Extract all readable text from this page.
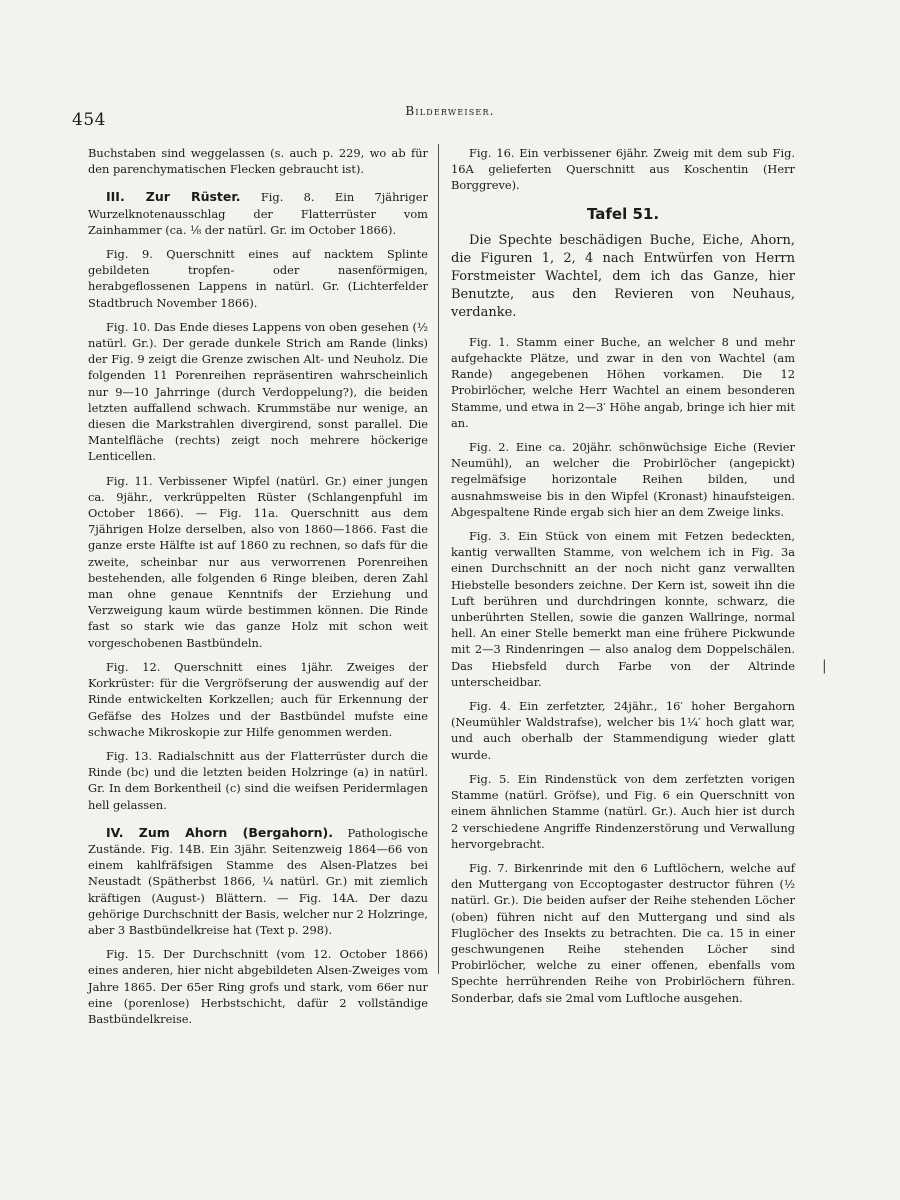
454	Bilderweiser.

Buchstaben sind weggelassen (s. auch p. 229, wo ab für den parenchymatischen Flecken gebraucht ist).

III. Zur Rüster. Fig. 8. Ein 7jähriger Wurzelknotenausschlag der Flatterrüster vom Zainhammer (ca. ⅛ der natürl. Gr. im October 1866).

Fig. 9. Querschnitt eines auf nacktem Splinte gebildeten tropfen- oder nasenförmigen, herabgeflossenen Lappens in natürl. Gr. (Lichterfelder Stadtbruch November 1866).

Fig. 10. Das Ende dieses Lappens von oben gesehen (½ natürl. Gr.). Der gerade dunkele Strich am Rande (links) der Fig. 9 zeigt die Grenze zwischen Alt- und Neuholz. Die folgenden 11 Porenreihen repräsentiren wahrscheinlich nur 9—10 Jahrringe (durch Verdoppelung?), die beiden letzten auffallend schwach. Krummstäbe nur wenige, an diesen die Markstrahlen divergirend, sonst parallel. Die Mantelfläche (rechts) zeigt noch mehrere höckerige Lenticellen.

Fig. 11. Verbissener Wipfel (natürl. Gr.) einer jungen ca. 9jähr., verkrüppelten Rüster (Schlangenpfuhl im October 1866). — Fig. 11a. Querschnitt aus dem 7jährigen Holze derselben, also von 1860—1866. Fast die ganze erste Hälfte ist auf 1860 zu rechnen, so dafs für die zweite, scheinbar nur aus verworrenen Porenreihen bestehenden, alle folgenden 6 Ringe bleiben, deren Zahl man ohne genaue Kenntnifs der Erziehung und Verzweigung kaum würde bestimmen können. Die Rinde fast so stark wie das ganze Holz mit schon weit vorgeschobenen Bastbündeln.

Fig. 12. Querschnitt eines 1jähr. Zweiges der Korkrüster: für die Vergröfserung der auswendig auf der Rinde entwickelten Korkzellen; auch für Erkennung der Gefäfse des Holzes und der Bastbündel mufste eine schwache Mikroskopie zur Hilfe genommen werden.

Fig. 13. Radialschnitt aus der Flatterrüster durch die Rinde (bc) und die letzten beiden Holzringe (a) in natürl. Gr. In dem Borkentheil (c) sind die weifsen Peridermlagen hell gelassen.

IV. Zum Ahorn (Bergahorn). Pathologische Zustände. Fig. 14B. Ein 3jähr. Seitenzweig 1864—66 von einem kahlfräfsigen Stamme des Alsen-Platzes bei Neustadt (Spätherbst 1866, ¼ natürl. Gr.) mit ziemlich kräftigen (August-) Blättern. — Fig. 14A. Der dazu gehörige Durchschnitt der Basis, welcher nur 2 Holzringe, aber 3 Bastbündelkreise hat (Text p. 298).

Fig. 15. Der Durchschnitt (vom 12. October 1866) eines anderen, hier nicht abgebildeten Alsen-Zweiges vom Jahre 1865. Der 65er Ring grofs und stark, vom 66er nur eine (porenlose) Herbstschicht, dafür 2 vollständige Bastbündelkreise.

Fig. 16. Ein verbissener 6jähr. Zweig mit dem sub Fig. 16A gelieferten Querschnitt aus Koschentin (Herr Borggreve).

Tafel 51.

Die Spechte beschädigen Buche, Eiche, Ahorn, die Figuren 1, 2, 4 nach Entwürfen von Herrn Forstmeister Wachtel, dem ich das Ganze, hier Benutzte, aus den Revieren von Neuhaus, verdanke.

Fig. 1. Stamm einer Buche, an welcher 8 und mehr aufgehackte Plätze, und zwar in den von Wachtel (am Rande) angegebenen Höhen vorkamen. Die 12 Probirlöcher, welche Herr Wachtel an einem besonderen Stamme, und etwa in 2—3′ Höhe angab, bringe ich hier mit an.

Fig. 2. Eine ca. 20jähr. schönwüchsige Eiche (Revier Neumühl), an welcher die Probirlöcher (angepickt) regelmäfsige horizontale Reihen bilden, und ausnahmsweise bis in den Wipfel (Kronast) hinaufsteigen. Abgespaltene Rinde ergab sich hier an dem Zweige links.

Fig. 3. Ein Stück von einem mit Fetzen bedeckten, kantig verwallten Stamme, von welchem ich in Fig. 3a einen Durchschnitt an der noch nicht ganz verwallten Hiebstelle besonders zeichne. Der Kern ist, soweit ihn die Luft berühren und durchdringen konnte, schwarz, die unberührten Stellen, sowie die ganzen Wallringe, normal hell. An einer Stelle bemerkt man eine frühere Pickwunde mit 2—3 Rindenringen — also analog dem Doppelschälen. Das Hiebsfeld durch Farbe von der Altrinde unterscheidbar.

Fig. 4. Ein zerfetzter, 24jähr., 16′ hoher Bergahorn (Neumühler Waldstrafse), welcher bis 1¼′ hoch glatt war, und auch oberhalb der Stammendigung wieder glatt wurde.

Fig. 5. Ein Rindenstück von dem zerfetzten vorigen Stamme (natürl. Gröfse), und Fig. 6 ein Querschnitt von einem ähnlichen Stamme (natürl. Gr.). Auch hier ist durch 2 verschiedene Angriffe Rindenzerstörung und Verwallung hervorgebracht.

Fig. 7. Birkenrinde mit den 6 Luftlöchern, welche auf den Muttergang von Eccoptogaster destructor führen (½ natürl. Gr.). Die beiden aufser der Reihe stehenden Löcher (oben) führen nicht auf den Muttergang und sind als Fluglöcher des Insekts zu betrachten. Die ca. 15 in einer geschwungenen Reihe stehenden Löcher sind Probirlöcher, welche zu einer offenen, ebenfalls vom Spechte herrührenden Reihe von Probirlöchern führen. Sonderbar, dafs sie 2mal vom Luftloche ausgehen.

|
